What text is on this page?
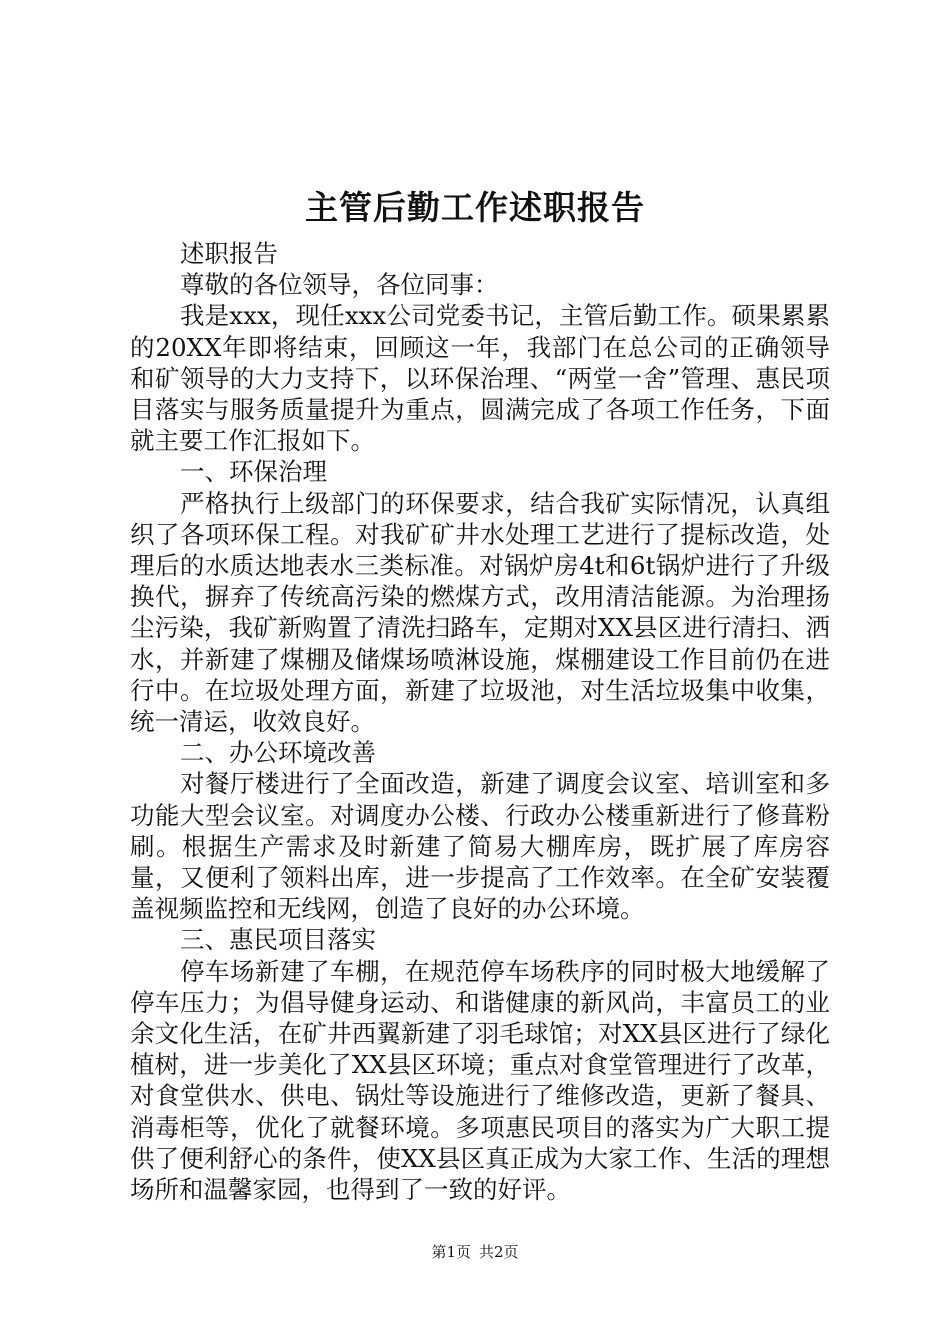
主管后勤工作述职报告

述职报告

尊敬的各位领导，各位同事：

我是xxx，现任xxx公司党委书记，主管后勤工作。硕果累累的20XX年即将结束，回顾这一年，我部门在总公司的正确领导和矿领导的大力支持下，以环保治理、“两堂一舍”管理、惠民项目落实与服务质量提升为重点，圆满完成了各项工作任务，下面就主要工作汇报如下。

一、环保治理

严格执行上级部门的环保要求，结合我矿实际情况，认真组织了各项环保工程。对我矿矿井水处理工艺进行了提标改造，处理后的水质达地表水三类标准。对锅炉房4t和6t锅炉进行了升级换代，摒弃了传统高污染的燃煤方式，改用清洁能源。为治理扬尘污染，我矿新购置了清洗扫路车，定期对XX县区进行清扫、洒水，并新建了煤棚及储煤场喷淋设施，煤棚建设工作目前仍在进行中。在垃圾处理方面，新建了垃圾池，对生活垃圾集中收集，统一清运，收效良好。

二、办公环境改善

对餐厅楼进行了全面改造，新建了调度会议室、培训室和多功能大型会议室。对调度办公楼、行政办公楼重新进行了修葺粉刷。根据生产需求及时新建了简易大棚库房，既扩展了库房容量，又便利了领料出库，进一步提高了工作效率。在全矿安装覆盖视频监控和无线网，创造了良好的办公环境。

三、惠民项目落实

停车场新建了车棚，在规范停车场秩序的同时极大地缓解了停车压力；为倡导健身运动、和谐健康的新风尚，丰富员工的业余文化生活，在矿井西翼新建了羽毛球馆；对XX县区进行了绿化植树，进一步美化了XX县区环境；重点对食堂管理进行了改革，对食堂供水、供电、锅灶等设施进行了维修改造，更新了餐具、消毒柜等，优化了就餐环境。多项惠民项目的落实为广大职工提供了便利舒心的条件，使XX县区真正成为大家工作、生活的理想场所和温馨家园，也得到了一致的好评。

第1页 共2页
